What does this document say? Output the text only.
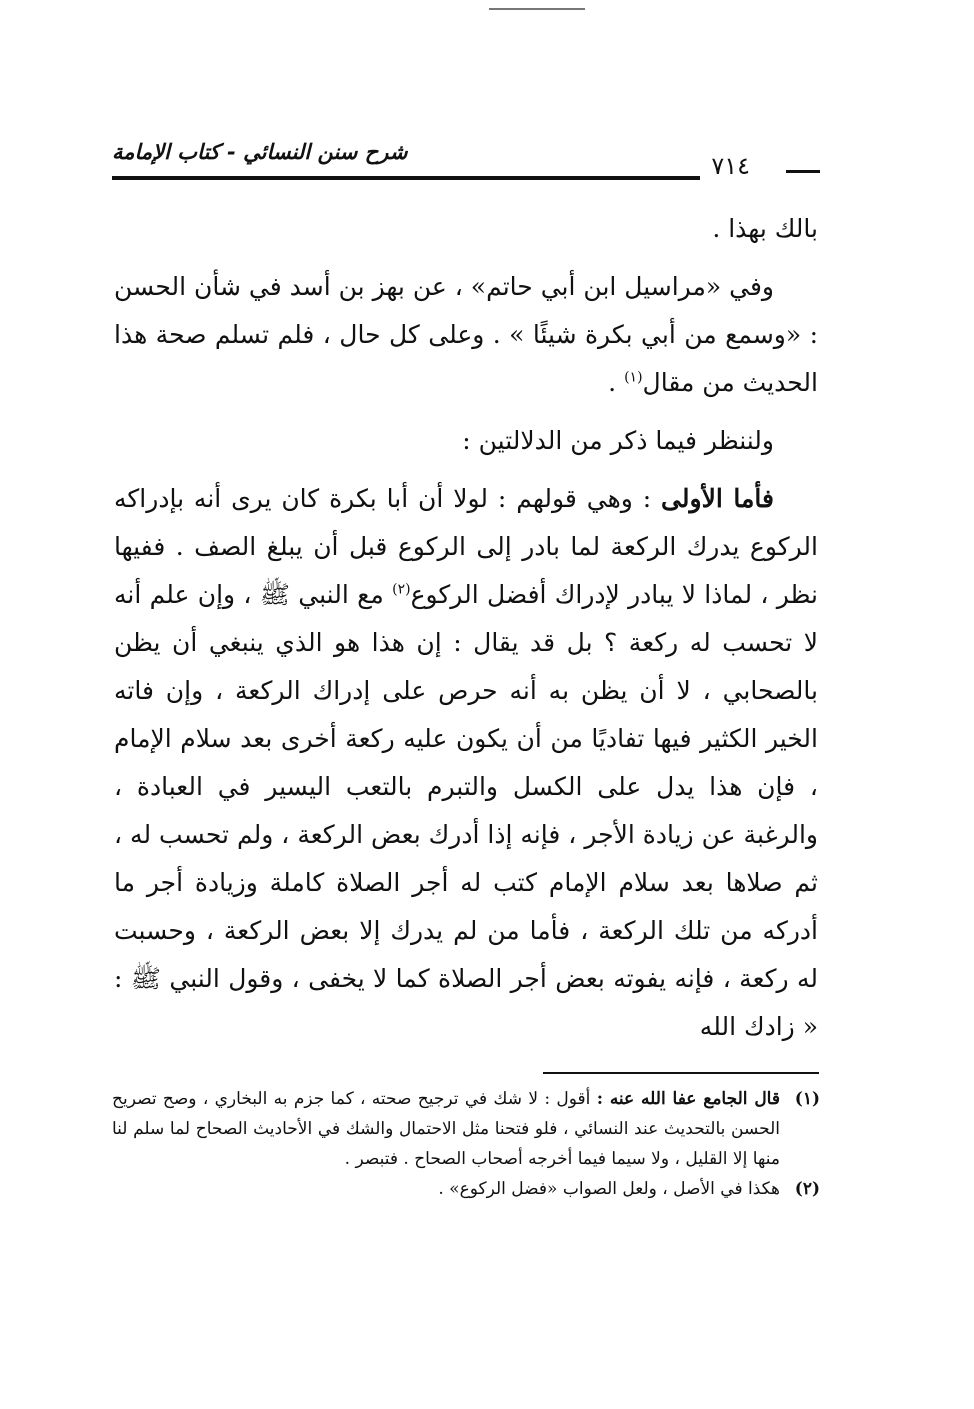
شرح سنن النسائي - كتاب الإمامة	٧١٤

بالك بهذا .

وفي «مراسيل ابن أبي حاتم» ، عن بهز بن أسد في شأن الحسن : «وسمع من أبي بكرة شيئًا » . وعلى كل حال ، فلم تسلم صحة هذا الحديث من مقال$^{(١)}$ .

ولننظر فيما ذكر من الدلالتين :

فأما الأولى : وهي قولهم : لولا أن أبا بكرة كان يرى أنه بإدراكه الركوع يدرك الركعة لما بادر إلى الركوع قبل أن يبلغ الصف . ففيها نظر ، لماذا لا يبادر لإدراك أفضل الركوع$^{(٢)}$ مع النبي ﷺ ، وإن علم أنه لا تحسب له ركعة ؟ بل قد يقال : إن هذا هو الذي ينبغي أن يظن بالصحابي ، لا أن يظن به أنه حرص على إدراك الركعة ، وإن فاته الخير الكثير فيها تفاديًا من أن يكون عليه ركعة أخرى بعد سلام الإمام ، فإن هذا يدل على الكسل والتبرم بالتعب اليسير في العبادة ، والرغبة عن زيادة الأجر ، فإنه إذا أدرك بعض الركعة ، ولم تحسب له ، ثم صلاها بعد سلام الإمام كتب له أجر الصلاة كاملة وزيادة أجر ما أدركه من تلك الركعة ، فأما من لم يدرك إلا بعض الركعة ، وحسبت له ركعة ، فإنه يفوته بعض أجر الصلاة كما لا يخفى ، وقول النبي ﷺ : « زادك الله

(١)
قال الجامع عفا الله عنه : أقول : لا شك في ترجيح صحته ، كما جزم به البخاري ، وصح تصريح الحسن بالتحديث عند النسائي ، فلو فتحنا مثل الاحتمال والشك في الأحاديث الصحاح لما سلم لنا منها إلا القليل ، ولا سيما فيما أخرجه أصحاب الصحاح . فتبصر .
(٢)
هكذا في الأصل ، ولعل الصواب «فضل الركوع» .
